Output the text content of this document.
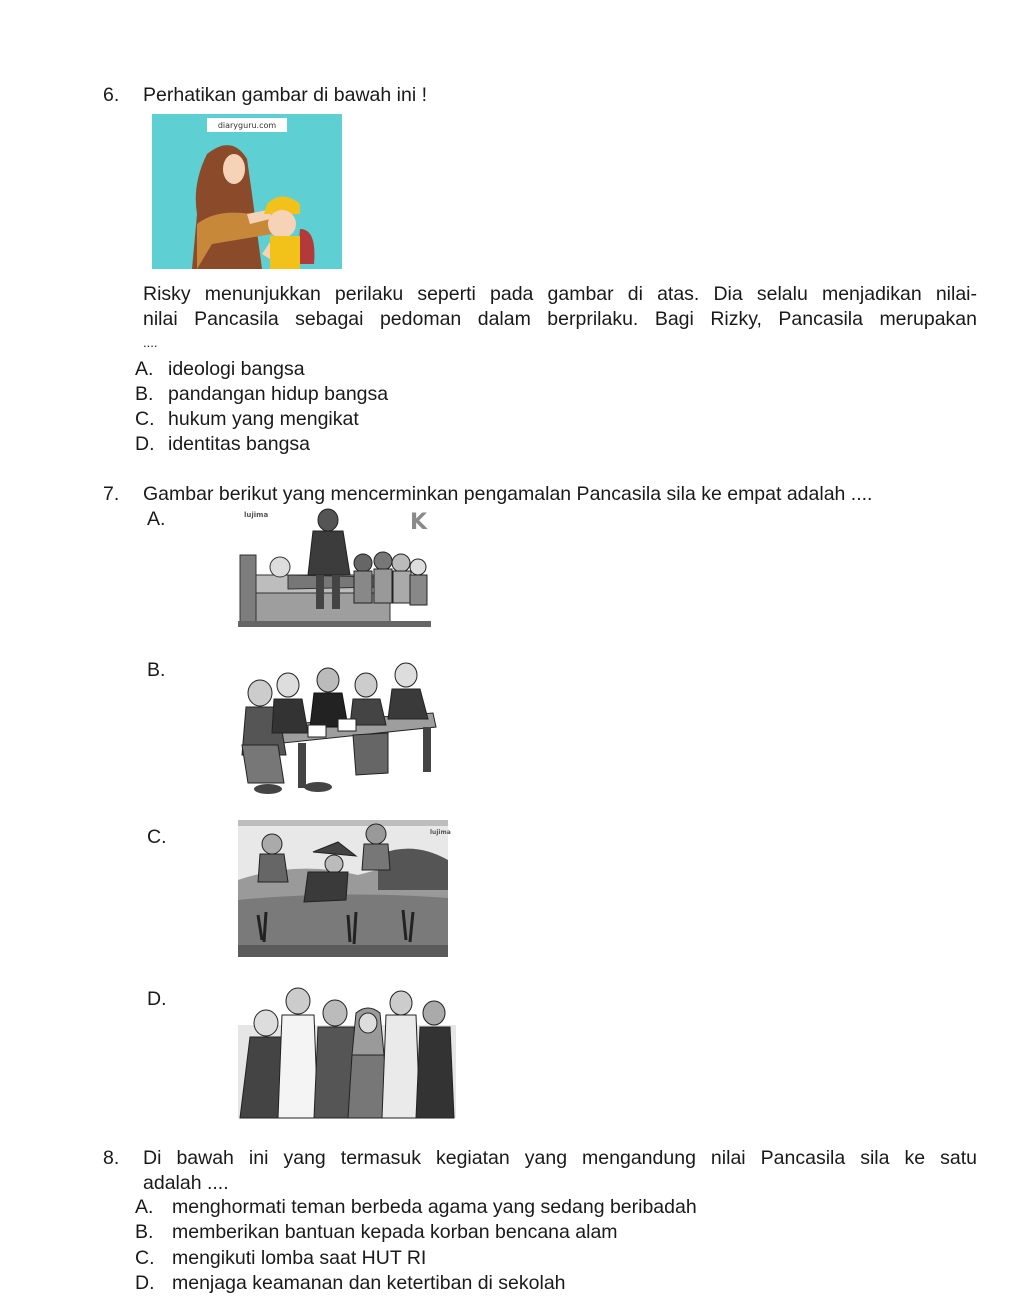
6. Perhatikan gambar di bawah ini !
diaryguru.com
Risky menunjukkan perilaku seperti pada gambar di atas. Dia selalu menjadikan nilai-
nilai Pancasila sebagai pedoman dalam berprilaku. Bagi Rizky, Pancasila merupakan
....
A. ideologi bangsa
B. pandangan hidup bangsa
C. hukum yang mengikat
D. identitas bangsa
7. Gambar berikut yang mencerminkan pengamalan Pancasila sila ke empat adalah ....
A.	lujima	K
B.
C.	lujima
D.
8. Di bawah ini yang termasuk kegiatan yang mengandung nilai Pancasila sila ke satu
adalah ....
A. menghormati teman berbeda agama yang sedang beribadah
B. memberikan bantuan kepada korban bencana alam
C. mengikuti lomba saat HUT RI
D. menjaga keamanan dan ketertiban di sekolah
